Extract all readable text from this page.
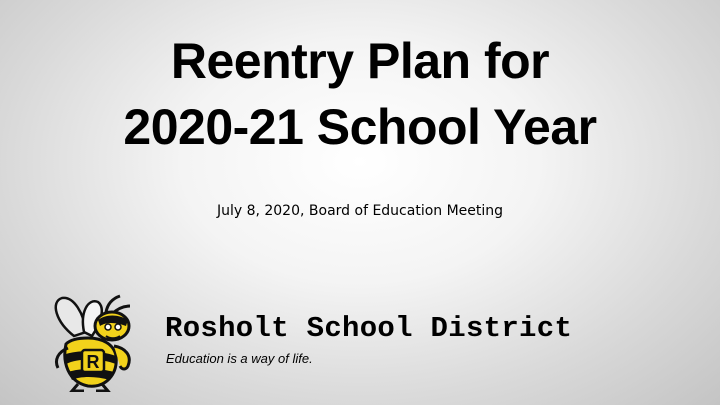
Reentry Plan for
2020-21 School Year
July 8, 2020, Board of Education Meeting
R
Rosholt School District
Education is a way of life.
